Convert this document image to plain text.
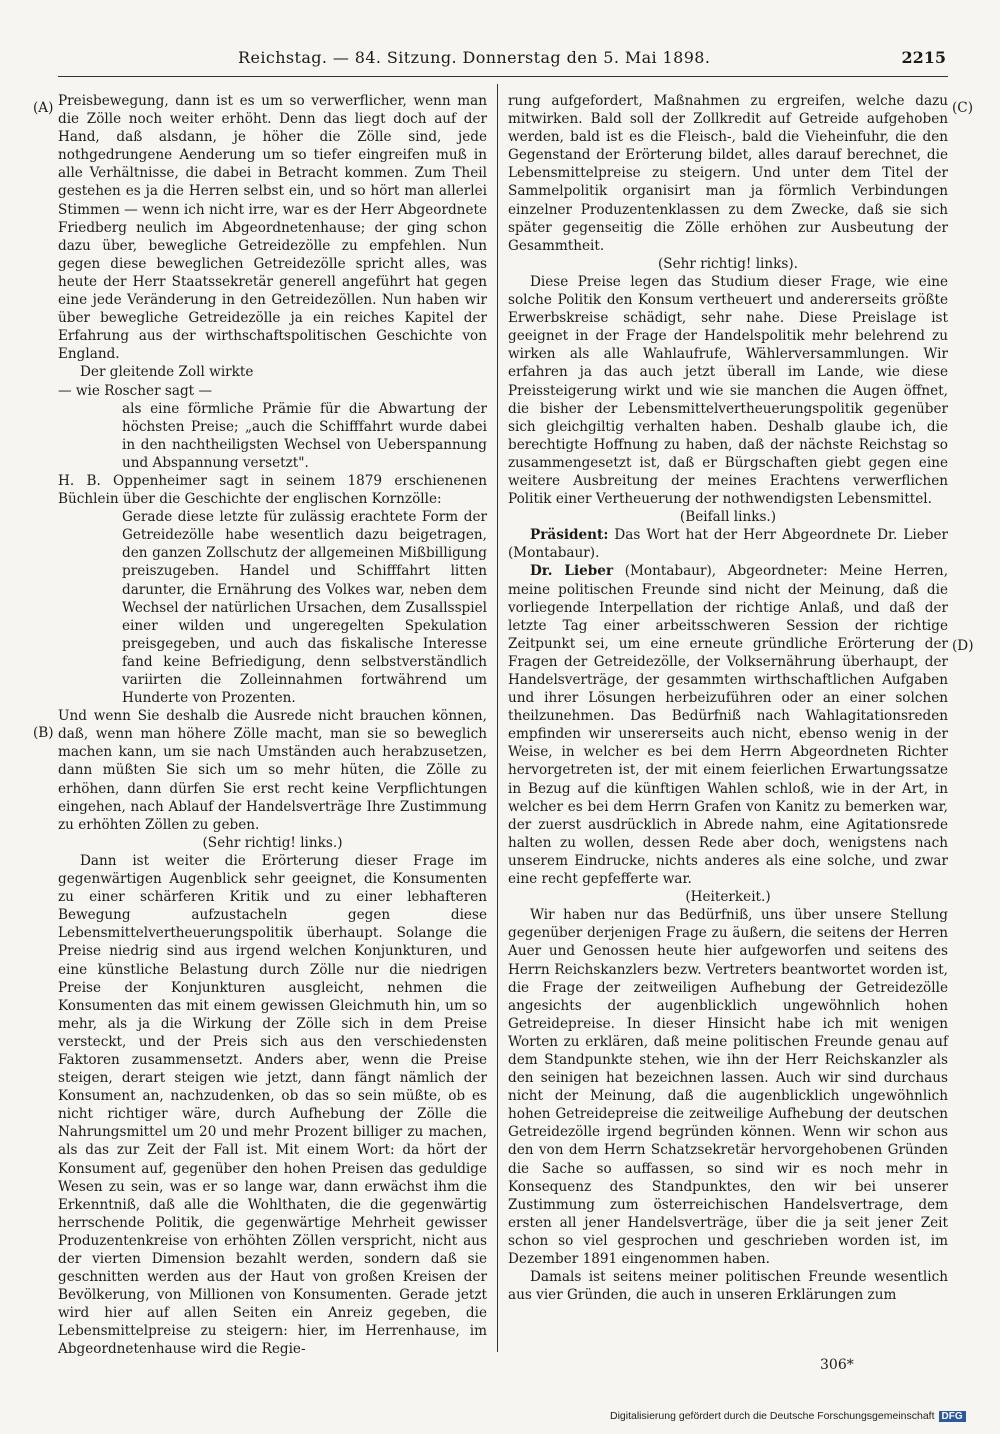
Reichstag. — 84. Sitzung. Donnerstag den 5. Mai 1898.	2215
(A)
(B)
(C)
(D)

Preisbewegung, dann ist es um so verwerflicher, wenn man die Zölle noch weiter erhöht. Denn das liegt doch auf der Hand, daß alsdann, je höher die Zölle sind, jede nothgedrungene Aenderung um so tiefer eingreifen muß in alle Verhältnisse, die dabei in Betracht kommen. Zum Theil gestehen es ja die Herren selbst ein, und so hört man allerlei Stimmen — wenn ich nicht irre, war es der Herr Abgeordnete Friedberg neulich im Abgeordnetenhause; der ging schon dazu über, bewegliche Getreidezölle zu empfehlen. Nun gegen diese beweglichen Getreidezölle spricht alles, was heute der Herr Staatssekretär generell angeführt hat gegen eine jede Veränderung in den Getreidezöllen. Nun haben wir über bewegliche Getreidezölle ja ein reiches Kapitel der Erfahrung aus der wirthschaftspolitischen Geschichte von England.

Der gleitende Zoll wirkte

— wie Roscher sagt —

als eine förmliche Prämie für die Abwartung der höchsten Preise; „auch die Schifffahrt wurde dabei in den nachtheiligsten Wechsel von Ueberspannung und Abspannung versetzt".

H. B. Oppenheimer sagt in seinem 1879 erschienenen Büchlein über die Geschichte der englischen Kornzölle:

Gerade diese letzte für zulässig erachtete Form der Getreidezölle habe wesentlich dazu beigetragen, den ganzen Zollschutz der allgemeinen Mißbilligung preiszugeben. Handel und Schifffahrt litten darunter, die Ernährung des Volkes war, neben dem Wechsel der natürlichen Ursachen, dem Zusallsspiel einer wilden und ungeregelten Spekulation preisgegeben, und auch das fiskalische Interesse fand keine Befriedigung, denn selbstverständlich variirten die Zolleinnahmen fortwährend um Hunderte von Prozenten.

Und wenn Sie deshalb die Ausrede nicht brauchen können, daß, wenn man höhere Zölle macht, man sie so beweglich machen kann, um sie nach Umständen auch herabzusetzen, dann müßten Sie sich um so mehr hüten, die Zölle zu erhöhen, dann dürfen Sie erst recht keine Verpflichtungen eingehen, nach Ablauf der Handelsverträge Ihre Zustimmung zu erhöhten Zöllen zu geben.

(Sehr richtig! links.)

Dann ist weiter die Erörterung dieser Frage im gegenwärtigen Augenblick sehr geeignet, die Konsumenten zu einer schärferen Kritik und zu einer lebhafteren Bewegung aufzustacheln gegen diese Lebensmittelvertheuerungspolitik überhaupt. Solange die Preise niedrig sind aus irgend welchen Konjunkturen, und eine künstliche Belastung durch Zölle nur die niedrigen Preise der Konjunkturen ausgleicht, nehmen die Konsumenten das mit einem gewissen Gleichmuth hin, um so mehr, als ja die Wirkung der Zölle sich in dem Preise versteckt, und der Preis sich aus den verschiedensten Faktoren zusammensetzt. Anders aber, wenn die Preise steigen, derart steigen wie jetzt, dann fängt nämlich der Konsument an, nachzudenken, ob das so sein müßte, ob es nicht richtiger wäre, durch Aufhebung der Zölle die Nahrungsmittel um 20 und mehr Prozent billiger zu machen, als das zur Zeit der Fall ist. Mit einem Wort: da hört der Konsument auf, gegenüber den hohen Preisen das geduldige Wesen zu sein, was er so lange war, dann erwächst ihm die Erkenntniß, daß alle die Wohlthaten, die die gegenwärtig herrschende Politik, die gegenwärtige Mehrheit gewisser Produzentenkreise von erhöhten Zöllen verspricht, nicht aus der vierten Dimension bezahlt werden, sondern daß sie geschnitten werden aus der Haut von großen Kreisen der Bevölkerung, von Millionen von Konsumenten. Gerade jetzt wird hier auf allen Seiten ein Anreiz gegeben, die Lebensmittelpreise zu steigern: hier, im Herrenhause, im Abgeordnetenhause wird die Regie-

rung aufgefordert, Maßnahmen zu ergreifen, welche dazu mitwirken. Bald soll der Zollkredit auf Getreide aufgehoben werden, bald ist es die Fleisch-, bald die Vieheinfuhr, die den Gegenstand der Erörterung bildet, alles darauf berechnet, die Lebensmittelpreise zu steigern. Und unter dem Titel der Sammelpolitik organisirt man ja förmlich Verbindungen einzelner Produzentenklassen zu dem Zwecke, daß sie sich später gegenseitig die Zölle erhöhen zur Ausbeutung der Gesammtheit.

(Sehr richtig! links).

Diese Preise legen das Studium dieser Frage, wie eine solche Politik den Konsum vertheuert und andererseits größte Erwerbskreise schädigt, sehr nahe. Diese Preislage ist geeignet in der Frage der Handelspolitik mehr belehrend zu wirken als alle Wahlaufrufe, Wählerversammlungen. Wir erfahren ja das auch jetzt überall im Lande, wie diese Preissteigerung wirkt und wie sie manchen die Augen öffnet, die bisher der Lebensmittelvertheuerungspolitik gegenüber sich gleichgiltig verhalten haben. Deshalb glaube ich, die berechtigte Hoffnung zu haben, daß der nächste Reichstag so zusammengesetzt ist, daß er Bürgschaften giebt gegen eine weitere Ausbreitung der meines Erachtens verwerflichen Politik einer Vertheuerung der nothwendigsten Lebensmittel.

(Beifall links.)

Präsident: Das Wort hat der Herr Abgeordnete Dr. Lieber (Montabaur).

Dr. Lieber (Montabaur), Abgeordneter: Meine Herren, meine politischen Freunde sind nicht der Meinung, daß die vorliegende Interpellation der richtige Anlaß, und daß der letzte Tag einer arbeitsschweren Session der richtige Zeitpunkt sei, um eine erneute gründliche Erörterung der Fragen der Getreidezölle, der Volksernährung überhaupt, der Handelsverträge, der gesammten wirthschaftlichen Aufgaben und ihrer Lösungen herbeizuführen oder an einer solchen theilzunehmen. Das Bedürfniß nach Wahlagitationsreden empfinden wir unsererseits auch nicht, ebenso wenig in der Weise, in welcher es bei dem Herrn Abgeordneten Richter hervorgetreten ist, der mit einem feierlichen Erwartungssatze in Bezug auf die künftigen Wahlen schloß, wie in der Art, in welcher es bei dem Herrn Grafen von Kanitz zu bemerken war, der zuerst ausdrücklich in Abrede nahm, eine Agitationsrede halten zu wollen, dessen Rede aber doch, wenigstens nach unserem Eindrucke, nichts anderes als eine solche, und zwar eine recht gepfefferte war.

(Heiterkeit.)

Wir haben nur das Bedürfniß, uns über unsere Stellung gegenüber derjenigen Frage zu äußern, die seitens der Herren Auer und Genossen heute hier aufgeworfen und seitens des Herrn Reichskanzlers bezw. Vertreters beantwortet worden ist, die Frage der zeitweiligen Aufhebung der Getreidezölle angesichts der augenblicklich ungewöhnlich hohen Getreidepreise. In dieser Hinsicht habe ich mit wenigen Worten zu erklären, daß meine politischen Freunde genau auf dem Standpunkte stehen, wie ihn der Herr Reichskanzler als den seinigen hat bezeichnen lassen. Auch wir sind durchaus nicht der Meinung, daß die augenblicklich ungewöhnlich hohen Getreidepreise die zeitweilige Aufhebung der deutschen Getreidezölle irgend begründen können. Wenn wir schon aus den von dem Herrn Schatzsekretär hervorgehobenen Gründen die Sache so auffassen, so sind wir es noch mehr in Konsequenz des Standpunktes, den wir bei unserer Zustimmung zum österreichischen Handelsvertrage, dem ersten all jener Handelsverträge, über die ja seit jener Zeit schon so viel gesprochen und geschrieben worden ist, im Dezember 1891 eingenommen haben.

Damals ist seitens meiner politischen Freunde wesentlich aus vier Gründen, die auch in unseren Erklärungen zum

306*
Digitalisierung gefördert durch die Deutsche Forschungsgemeinschaft DFG
